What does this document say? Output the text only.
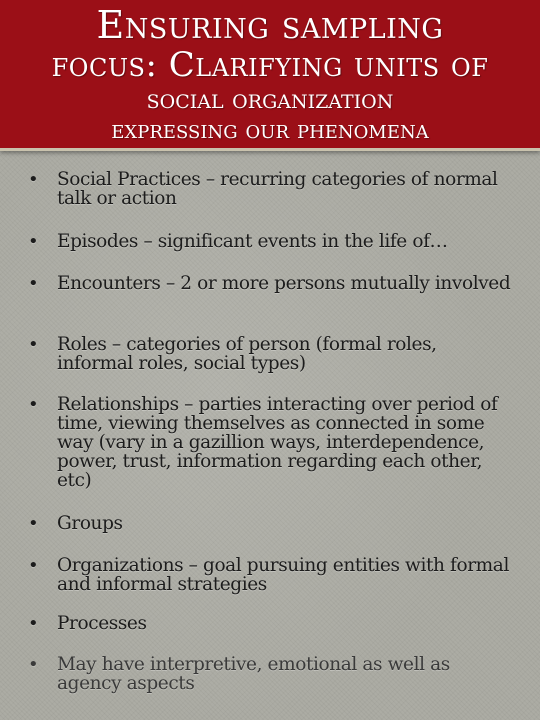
Ensuring sampling
focus: Clarifying units of
social organization
expressing our phenomena
• Social Practices – recurring categories of normal talk or action
• Episodes – significant events in the life of…
• Encounters – 2 or more persons mutually involved
• Roles – categories of person (formal roles, informal roles, social types)
• Relationships – parties interacting over period of time, viewing themselves as connected in some way (vary in a gazillion ways, interdependence, power, trust, information regarding each other, etc)
• Groups
• Organizations – goal pursuing entities with formal and informal strategies
• Processes
• May have interpretive, emotional as well as agency aspects
